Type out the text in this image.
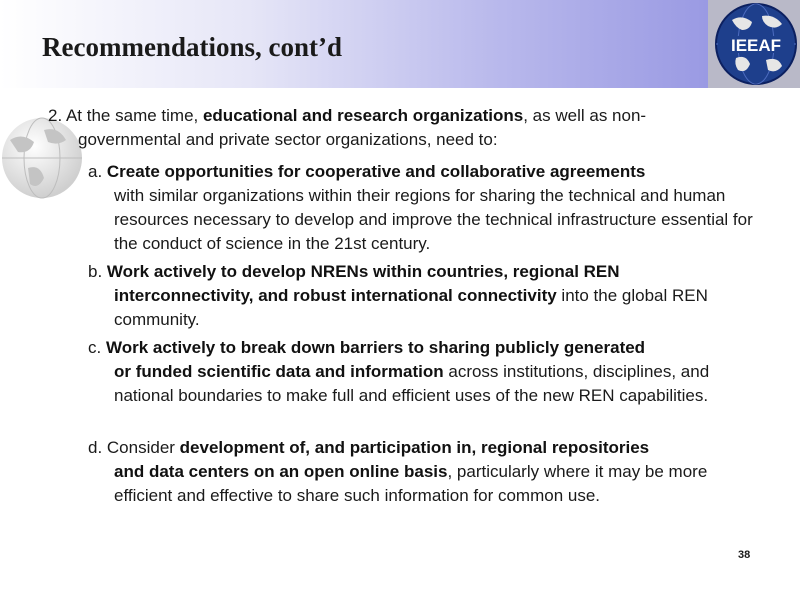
Recommendations, cont’d	IEEAF
2. At the same time, educational and research organizations, as well as non-
governmental and private sector organizations, need to:
a. Create opportunities for cooperative and collaborative agreements
with similar organizations within their regions for sharing the technical and human resources necessary to develop and improve the technical infrastructure essential for the conduct of science in the 21st century.
b. Work actively to develop NRENs within countries, regional REN
interconnectivity, and robust international connectivity into the global REN community.
c. Work actively to break down barriers to sharing publicly generated
or funded scientific data and information across institutions, disciplines, and national boundaries to make full and efficient uses of the new REN capabilities.
d. Consider development of, and participation in, regional repositories
and data centers on an open online basis, particularly where it may be more efficient and effective to share such information for common use.
38
